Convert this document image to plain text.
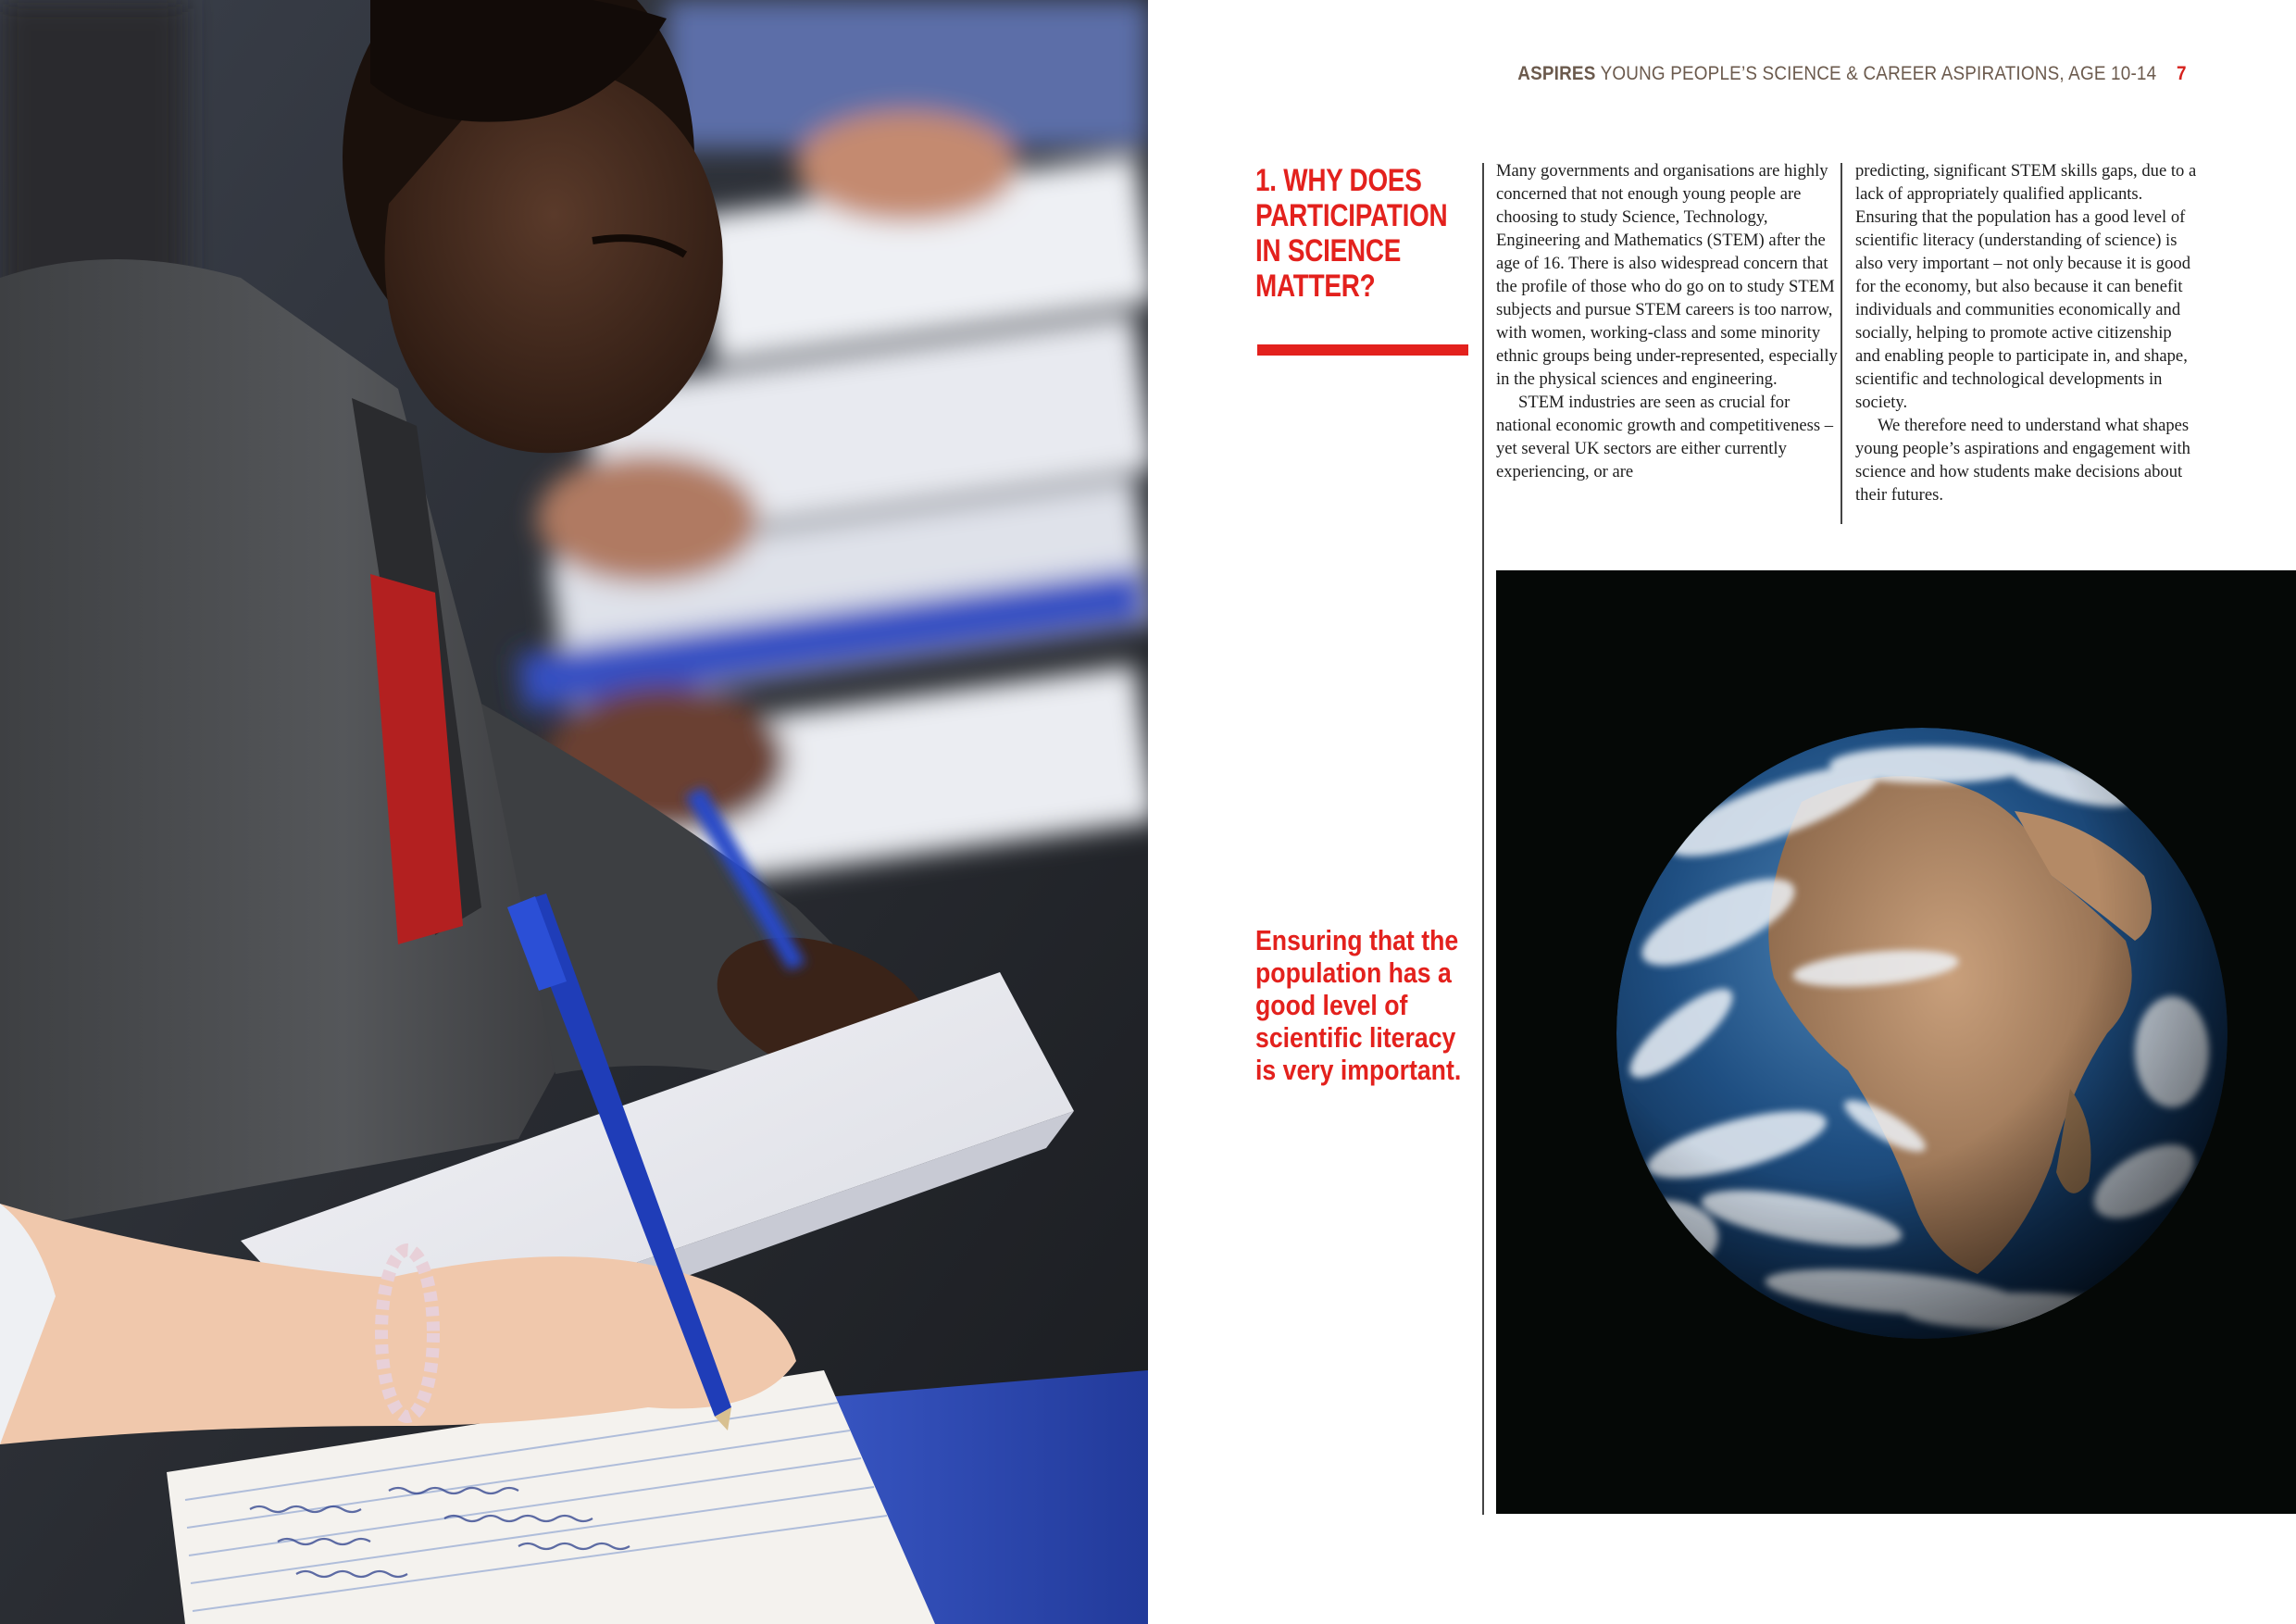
ASPIRES YOUNG PEOPLE’S SCIENCE & CAREER ASPIRATIONS, AGE 10-14 7
1. WHY DOES PARTICIPATION IN SCIENCE MATTER?

Many governments and organisations are highly concerned that not enough young people are choosing to study Science, Technology, Engineering and Mathematics (STEM) after the age of 16. There is also widespread concern that the profile of those who do go on to study STEM subjects and pursue STEM careers is too narrow, with women, working-class and some minority ethnic groups being under-represented, especially in the physical sciences and engineering.

STEM industries are seen as crucial for national economic growth and competitiveness – yet several UK sectors are either currently experiencing, or are

predicting, significant STEM skills gaps, due to a lack of appropriately qualified applicants. Ensuring that the population has a good level of scientific literacy (understanding of science) is also very important – not only because it is good for the economy, but also because it can benefit individuals and communities economically and socially, helping to promote active citizenship and enabling people to participate in, and shape, scientific and technological developments in society.

We therefore need to understand what shapes young people’s aspirations and engagement with science and how students make decisions about their futures.

Ensuring that the population has a good level of scientific literacy is very important.
